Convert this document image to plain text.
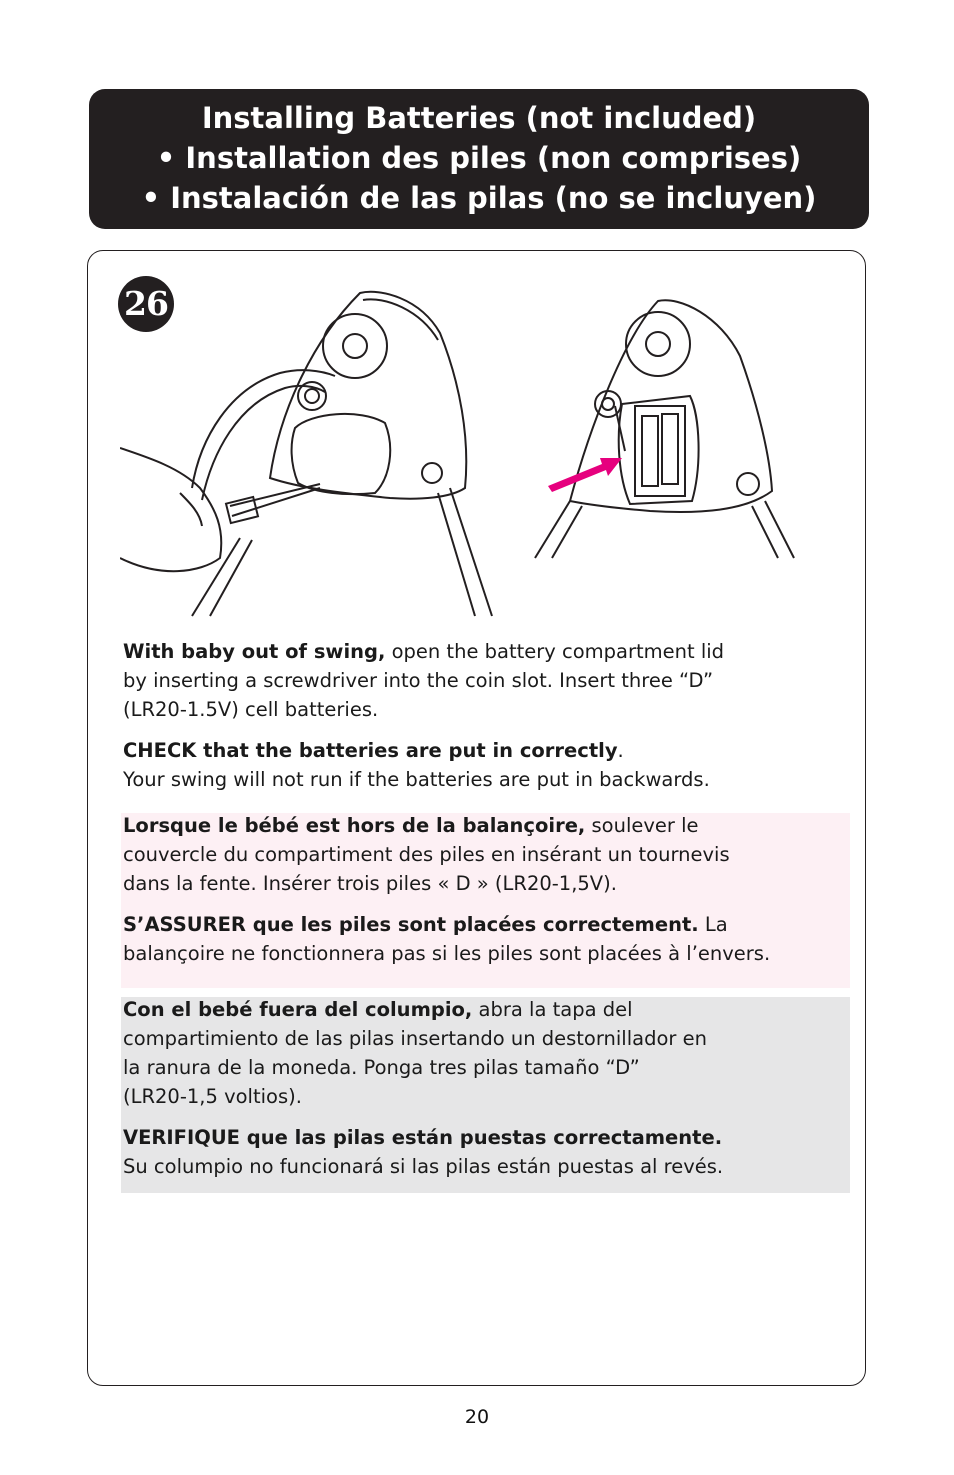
Installing Batteries (not included)
• Installation des piles (non comprises)
• Instalación de las pilas (no se incluyen)
26

With baby out of swing, open the battery compartment lid
by inserting a screwdriver into the coin slot. Insert three “D”
(LR20-1.5V) cell batteries.

CHECK that the batteries are put in correctly.
Your swing will not run if the batteries are put in backwards.

Lorsque le bébé est hors de la balançoire, soulever le
couvercle du compartiment des piles en insérant un tournevis
dans la fente. Insérer trois piles « D » (LR20-1,5V).

S’ASSURER que les piles sont placées correctement. La
balançoire ne fonctionnera pas si les piles sont placées à l’envers.

Con el bebé fuera del columpio, abra la tapa del
compartimiento de las pilas insertando un destornillador en
la ranura de la moneda. Ponga tres pilas tamaño “D”
(LR20-1,5 voltios).

VERIFIQUE que las pilas están puestas correctamente.
Su columpio no funcionará si las pilas están puestas al revés.

20
